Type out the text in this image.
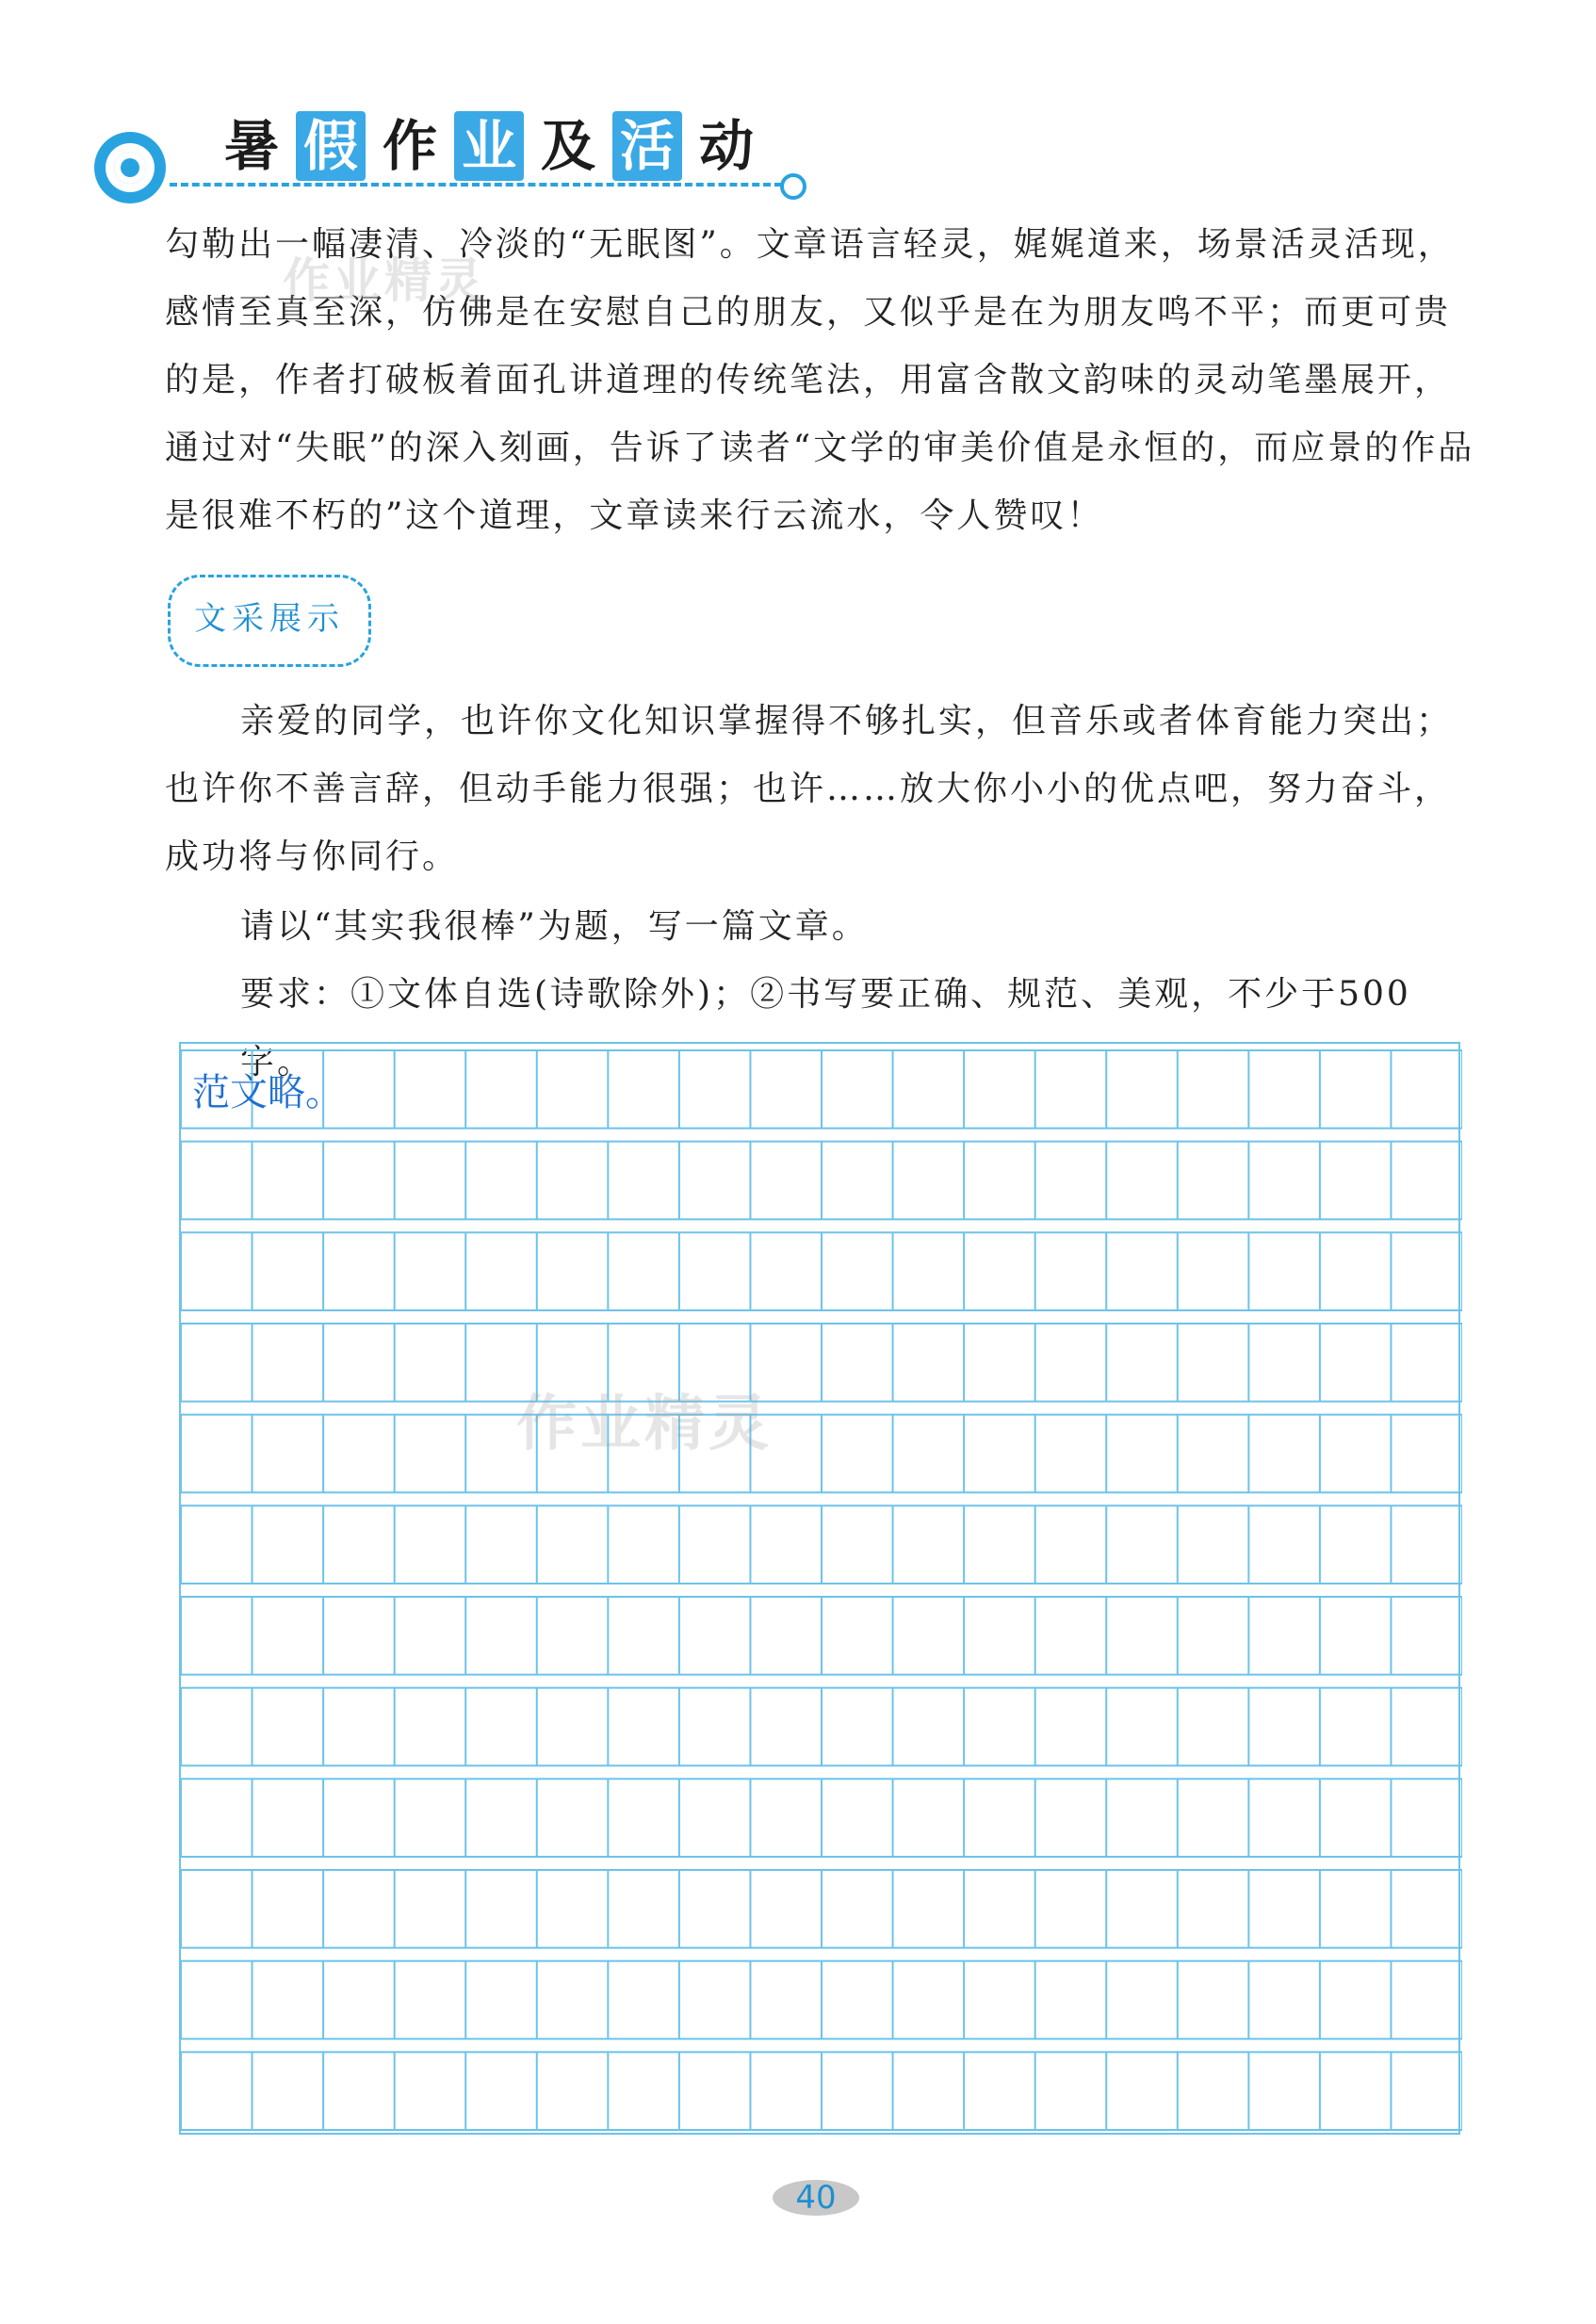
暑 假 作 业 及 活 动
勾勒出一幅凄清、冷淡的“无眠图”。文章语言轻灵，娓娓道来，场景活灵活现，感情至真至深，仿佛是在安慰自己的朋友，又似乎是在为朋友鸣不平；而更可贵的是，作者打破板着面孔讲道理的传统笔法，用富含散文韵味的灵动笔墨展开，通过对“失眠”的深入刻画，告诉了读者“文学的审美价值是永恒的，而应景的作品是很难不朽的”这个道理，文章读来行云流水，令人赞叹！
文采展示
亲爱的同学，也许你文化知识掌握得不够扎实，但音乐或者体育能力突出；也许你不善言辞，但动手能力很强；也许……放大你小小的优点吧，努力奋斗，成功将与你同行。
请以“其实我很棒”为题，写一篇文章。
要求：①文体自选(诗歌除外)；②书写要正确、规范、美观，不少于500字。
范文略。
作业精灵
作业精灵
40
